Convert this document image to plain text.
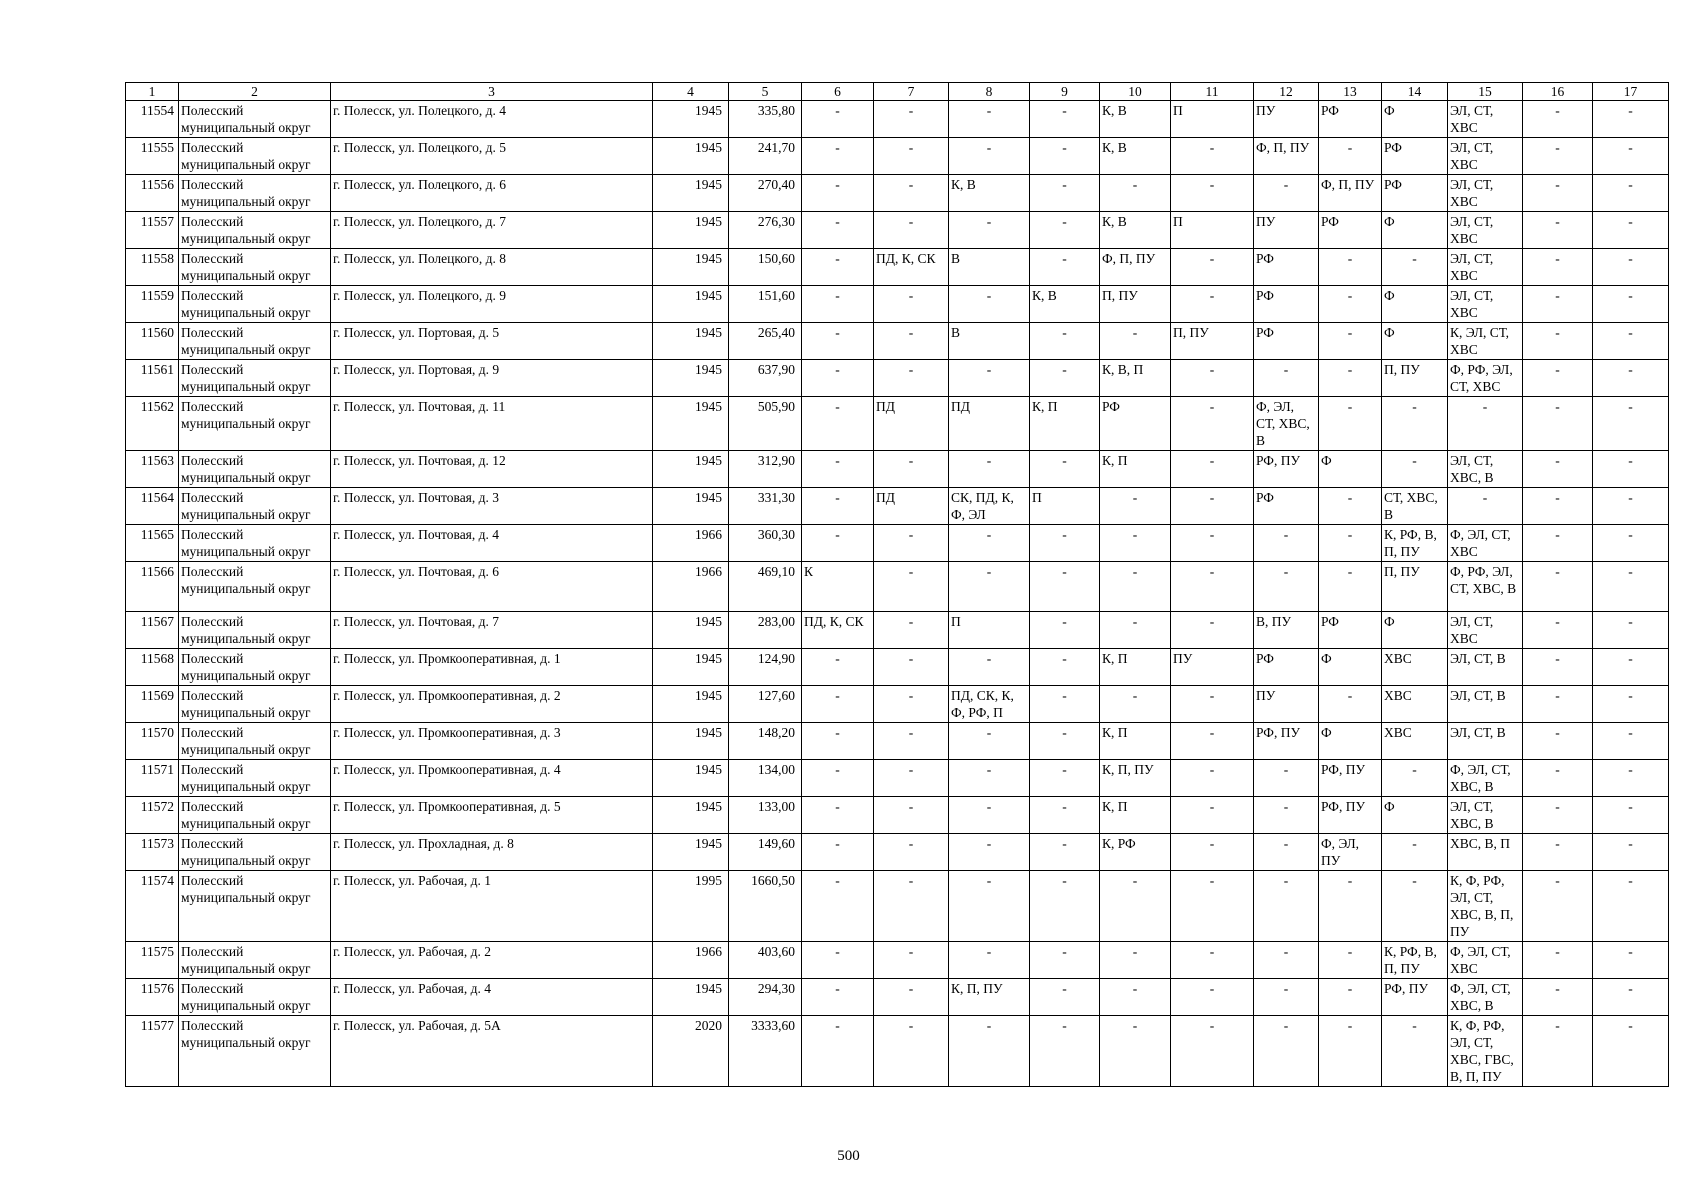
1	2	3	4	5	6	7	8	9	10	11	12	13	14	15	16	17
11554	Полесский муниципальный округ	г. Полесск, ул. Полецкого, д. 4	1945	335,80	-	-	-	-	К, В	П	ПУ	РФ	Ф	ЭЛ, СТ, ХВС	-	-
11555	Полесский муниципальный округ	г. Полесск, ул. Полецкого, д. 5	1945	241,70	-	-	-	-	К, В	-	Ф, П, ПУ	-	РФ	ЭЛ, СТ, ХВС	-	-
11556	Полесский муниципальный округ	г. Полесск, ул. Полецкого, д. 6	1945	270,40	-	-	К, В	-	-	-	-	Ф, П, ПУ	РФ	ЭЛ, СТ, ХВС	-	-
11557	Полесский муниципальный округ	г. Полесск, ул. Полецкого, д. 7	1945	276,30	-	-	-	-	К, В	П	ПУ	РФ	Ф	ЭЛ, СТ, ХВС	-	-
11558	Полесский муниципальный округ	г. Полесск, ул. Полецкого, д. 8	1945	150,60	-	ПД, К, СК	В	-	Ф, П, ПУ	-	РФ	-	-	ЭЛ, СТ, ХВС	-	-
11559	Полесский муниципальный округ	г. Полесск, ул. Полецкого, д. 9	1945	151,60	-	-	-	К, В	П, ПУ	-	РФ	-	Ф	ЭЛ, СТ, ХВС	-	-
11560	Полесский муниципальный округ	г. Полесск, ул. Портовая, д. 5	1945	265,40	-	-	В	-	-	П, ПУ	РФ	-	Ф	К, ЭЛ, СТ, ХВС	-	-
11561	Полесский муниципальный округ	г. Полесск, ул. Портовая, д. 9	1945	637,90	-	-	-	-	К, В, П	-	-	-	П, ПУ	Ф, РФ, ЭЛ, СТ, ХВС	-	-
11562	Полесский муниципальный округ	г. Полесск, ул. Почтовая, д. 11	1945	505,90	-	ПД	ПД	К, П	РФ	-	Ф, ЭЛ, СТ, ХВС, В	-	-	-	-	-
11563	Полесский муниципальный округ	г. Полесск, ул. Почтовая, д. 12	1945	312,90	-	-	-	-	К, П	-	РФ, ПУ	Ф	-	ЭЛ, СТ, ХВС, В	-	-
11564	Полесский муниципальный округ	г. Полесск, ул. Почтовая, д. 3	1945	331,30	-	ПД	СК, ПД, К, Ф, ЭЛ	П	-	-	РФ	-	СТ, ХВС, В	-	-	-
11565	Полесский муниципальный округ	г. Полесск, ул. Почтовая, д. 4	1966	360,30	-	-	-	-	-	-	-	-	К, РФ, В, П, ПУ	Ф, ЭЛ, СТ, ХВС	-	-
11566	Полесский муниципальный округ	г. Полесск, ул. Почтовая, д. 6	1966	469,10	К	-	-	-	-	-	-	-	П, ПУ	Ф, РФ, ЭЛ, СТ, ХВС, В	-	-
11567	Полесский муниципальный округ	г. Полесск, ул. Почтовая, д. 7	1945	283,00	ПД, К, СК	-	П	-	-	-	В, ПУ	РФ	Ф	ЭЛ, СТ, ХВС	-	-
11568	Полесский муниципальный округ	г. Полесск, ул. Промкооперативная, д. 1	1945	124,90	-	-	-	-	К, П	ПУ	РФ	Ф	ХВС	ЭЛ, СТ, В	-	-
11569	Полесский муниципальный округ	г. Полесск, ул. Промкооперативная, д. 2	1945	127,60	-	-	ПД, СК, К, Ф, РФ, П	-	-	-	ПУ	-	ХВС	ЭЛ, СТ, В	-	-
11570	Полесский муниципальный округ	г. Полесск, ул. Промкооперативная, д. 3	1945	148,20	-	-	-	-	К, П	-	РФ, ПУ	Ф	ХВС	ЭЛ, СТ, В	-	-
11571	Полесский муниципальный округ	г. Полесск, ул. Промкооперативная, д. 4	1945	134,00	-	-	-	-	К, П, ПУ	-	-	РФ, ПУ	-	Ф, ЭЛ, СТ, ХВС, В	-	-
11572	Полесский муниципальный округ	г. Полесск, ул. Промкооперативная, д. 5	1945	133,00	-	-	-	-	К, П	-	-	РФ, ПУ	Ф	ЭЛ, СТ, ХВС, В	-	-
11573	Полесский муниципальный округ	г. Полесск, ул. Прохладная, д. 8	1945	149,60	-	-	-	-	К, РФ	-	-	Ф, ЭЛ, ПУ	-	ХВС, В, П	-	-
11574	Полесский муниципальный округ	г. Полесск, ул. Рабочая, д. 1	1995	1660,50	-	-	-	-	-	-	-	-	-	К, Ф, РФ, ЭЛ, СТ, ХВС, В, П, ПУ	-	-
11575	Полесский муниципальный округ	г. Полесск, ул. Рабочая, д. 2	1966	403,60	-	-	-	-	-	-	-	-	К, РФ, В, П, ПУ	Ф, ЭЛ, СТ, ХВС	-	-
11576	Полесский муниципальный округ	г. Полесск, ул. Рабочая, д. 4	1945	294,30	-	-	К, П, ПУ	-	-	-	-	-	РФ, ПУ	Ф, ЭЛ, СТ, ХВС, В	-	-
11577	Полесский муниципальный округ	г. Полесск, ул. Рабочая, д. 5А	2020	3333,60	-	-	-	-	-	-	-	-	-	К, Ф, РФ, ЭЛ, СТ, ХВС, ГВС, В, П, ПУ	-	-
500
